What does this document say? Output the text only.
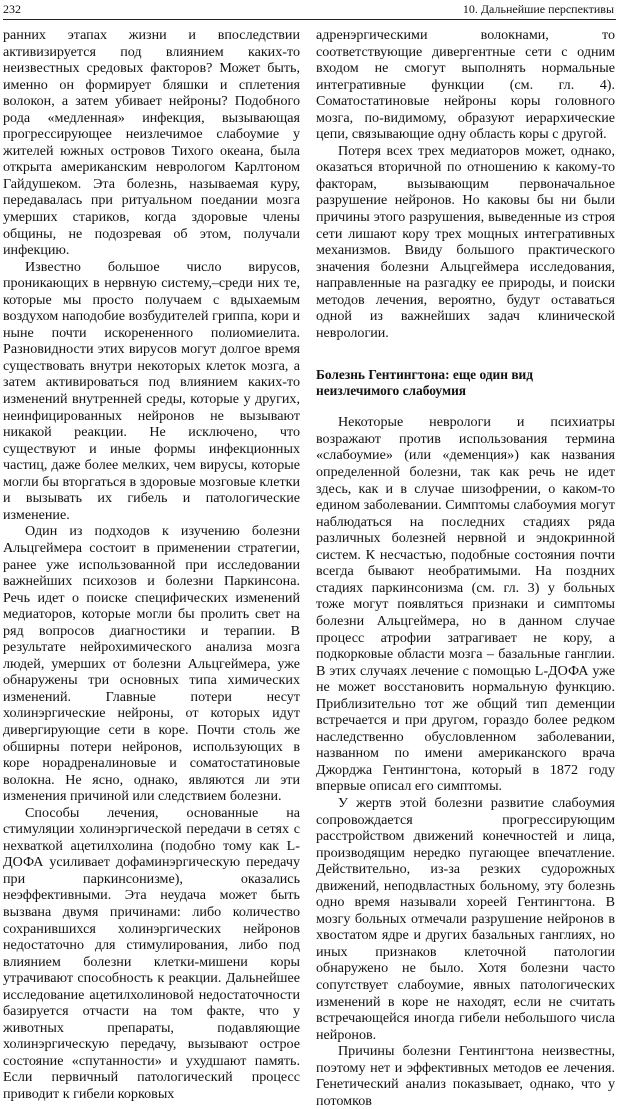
232	10. Дальнейшие перспективы

ранних этапах жизни и впоследствии активизируется под влиянием каких-то неизвестных средовых факторов? Может быть, именно он формирует бляшки и сплетения волокон, а затем убивает нейроны? Подобного рода «медленная» инфекция, вызывающая прогрессирующее неизлечимое слабоумие у жителей южных островов Тихого океана, была открыта американским неврологом Карлтоном Гайдушеком. Эта болезнь, называемая куру, передавалась при ритуальном поедании мозга умерших стариков, когда здоровые члены общины, не подозревая об этом, получали инфекцию.

Известно большое число вирусов, проникающих в нервную систему,–среди них те, которые мы просто получаем с вдыхаемым воздухом наподобие возбудителей гриппа, кори и ныне почти искорененного полиомиелита. Разновидности этих вирусов могут долгое время существовать внутри некоторых клеток мозга, а затем активироваться под влиянием каких-то изменений внутренней среды, которые у других, неинфицированных нейронов не вызывают никакой реакции. Не исключено, что существуют и иные формы инфекционных частиц, даже более мелких, чем вирусы, которые могли бы вторгаться в здоровые мозговые клетки и вызывать их гибель и патологические изменение.

Один из подходов к изучению болезни Альцгеймера состоит в применении стратегии, ранее уже использованной при исследовании важнейших психозов и болезни Паркинсона. Речь идет о поиске специфических изменений медиаторов, которые могли бы пролить свет на ряд вопросов диагностики и терапии. В результате нейрохимического анализа мозга людей, умерших от болезни Альцгеймера, уже обнаружены три основных типа химических изменений. Главные потери несут холинэргические нейроны, от которых идут дивергирующие сети в коре. Почти столь же обширны потери нейронов, использующих в коре норадреналиновые и соматостатиновые волокна. Не ясно, однако, являются ли эти изменения причиной или следствием болезни.

Способы лечения, основанные на стимуляции холинэргической передачи в сетях с нехваткой ацетилхолина (подобно тому как L-ДОФА усиливает дофаминэргическую передачу при паркинсонизме), оказались неэффективными. Эта неудача может быть вызвана двумя причинами: либо количество сохранившихся холинэргических нейронов недостаточно для стимулирования, либо под влиянием болезни клетки-мишени коры утрачивают способность к реакции. Дальнейшее исследование ацетилхолиновой недостаточности базируется отчасти на том факте, что у животных препараты, подавляющие холинэргическую передачу, вызывают острое состояние «спутанности» и ухудшают память. Если первичный патологический процесс приводит к гибели корковых

адренэргическими волокнами, то соответствующие дивергентные сети с одним входом не смогут выполнять нормальные интегративные функции (см. гл. 4). Соматостатиновые нейроны коры головного мозга, по-видимому, образуют иерархические цепи, связывающие одну область коры с другой.

Потеря всех трех медиаторов может, однако, оказаться вторичной по отношению к какому-то факторам, вызывающим первоначальное разрушение нейронов. Но каковы бы ни были причины этого разрушения, выведенные из строя сети лишают кору трех мощных интегративных механизмов. Ввиду большого практического значения болезни Альцгеймера исследования, направленные на разгадку ее природы, и поиски методов лечения, вероятно, будут оставаться одной из важнейших задач клинической неврологии.

Болезнь Гентингтона: еще один вид неизлечимого слабоумия

Некоторые неврологи и психиатры возражают против использования термина «слабоумие» (или «деменция») как названия определенной болезни, так как речь не идет здесь, как и в случае шизофрении, о каком-то едином заболевании. Симптомы слабоумия могут наблюдаться на последних стадиях ряда различных болезней нервной и эндокринной систем. К несчастью, подобные состояния почти всегда бывают необратимыми. На поздних стадиях паркинсонизма (см. гл. 3) у больных тоже могут появляться признаки и симптомы болезни Альцгеймера, но в данном случае процесс атрофии затрагивает не кору, а подкорковые области мозга – базальные ганглии. В этих случаях лечение с помощью L-ДОФА уже не может восстановить нормальную функцию. Приблизительно тот же общий тип деменции встречается и при другом, гораздо более редком наследственно обусловленном заболевании, названном по имени американского врача Джорджа Гентингтона, который в 1872 году впервые описал его симптомы.

У жертв этой болезни развитие слабоумия сопровождается прогрессирующим расстройством движений конечностей и лица, производящим нередко пугающее впечатление. Действительно, из-за резких судорожных движений, неподвластных больному, эту болезнь одно время называли хореей Гентингтона. В мозгу больных отмечали разрушение нейронов в хвостатом ядре и других базальных ганглиях, но иных признаков клеточной патологии обнаружено не было. Хотя болезни часто сопутствует слабоумие, явных патологических изменений в коре не находят, если не считать встречающейся иногда гибели небольшого числа нейронов.

Причины болезни Гентингтона неизвестны, поэтому нет и эффективных методов ее лечения. Генетический анализ показывает, однако, что у потомков
